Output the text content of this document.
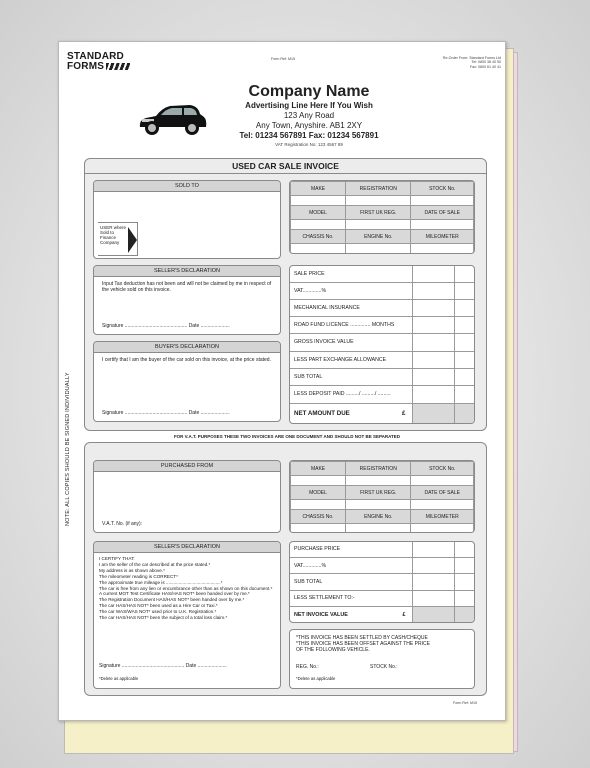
STANDARD
FORMS
Form Ref: M15	Re-Order From: Standard Forms Ltd
Tel: 0800 38 40 50
Fax: 0800 61 40 41
Company Name
Advertising Line Here If You Wish
123 Any Road
Any Town, Anyshire. AB1 2XY
Tel: 01234 567891 Fax: 01234 567891
VAT Registration No: 123 4567 89
USED CAR SALE INVOICE
SOLD TO
USER where Sold to Finance Company
MAKE	REGISTRATION	STOCK No.

MODEL	FIRST UK REG.	DATE OF SALE

CHASSIS No.	ENGINE No.	MILEOMETER

SELLER'S DECLARATION
Input Tax deduction has not been and will not be claimed by me in respect of the vehicle sold on this invoice.
Signature ............................................. Date .....................
BUYER'S DECLARATION
I certify that I am the buyer of the car sold on this invoice, at the price stated.
Signature ............................................. Date .....................
SALE PRICE		
VAT.............%		
MECHANICAL INSURANCE		
ROAD FUND LICENCE .............. MONTHS		
GROSS INVOICE VALUE		
LESS PART EXCHANGE ALLOWANCE		
SUB TOTAL		
LESS DEPOSIT PAID ........./ ........./ .........		
NET AMOUNT DUE £		

FOR V.A.T. PURPOSES THESE TWO INVOICES ARE ONE DOCUMENT AND SHOULD NOT BE SEPARATED
PURCHASED FROM
V.A.T. No. (if any):
MAKE	REGISTRATION	STOCK No.

MODEL	FIRST UK REG.	DATE OF SALE

CHASSIS No.	ENGINE No.	MILEOMETER

SELLER'S DECLARATION
I CERTIFY THAT:
I am the seller of the car described at the price stated.*
My address is as shown above.*
The mileometer reading is CORRECT*
The approximate true mileage is ...........................................*
The car is free from any lien or encumbrance other than as shown on this document.*
A current MOT Test Certificate HAS/HAS NOT* been handed over by me.*
The Registration Document HAS/HAS NOT* been handed over by me.*
The car HAS/HAS NOT* been used as a Hire Car or Taxi.*
The car WAS/WAS NOT* used prior to U.K. Registration.*
The car HAS/HAS NOT* been the subject of a total loss claim.*
Signature ............................................. Date .....................
*Delete as applicable
PURCHASE PRICE		
VAT.............%		
SUB TOTAL		
LESS SETTLEMENT TO:-		
NET INVOICE VALUE £		

*THIS INVOICE HAS BEEN SETTLED BY CASH/CHEQUE
*THIS INVOICE HAS BEEN OFFSET AGAINST THE PRICE
OF THE FOLLOWING VEHICLE.
REG. No.:	STOCK No.:
*Delete as applicable
NOTE: ALL COPIES SHOULD BE SIGNED INDIVIDUALLY
Form Ref: M15
